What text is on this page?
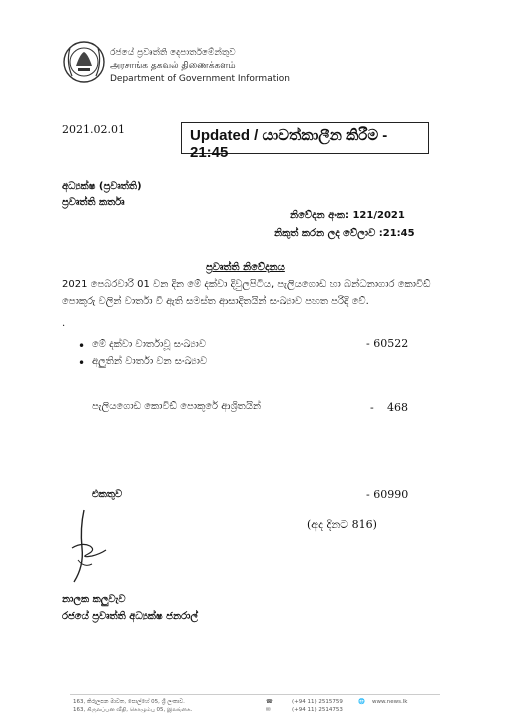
රජයේ ප්‍රවෘත්ති දෙපාර්තමේන්තුව
அரசாங்க தகவல் திணைக்களம்
Department of Government Information
2021.02.01	Updated / යාවත්කාලීන කිරීම - 21:45
අධ්‍යක්ෂ (ප්‍රවෘත්ති)
ප්‍රවෘත්ති කර්තෘ
නිවේදන අංක: 121/2021
නිකුත් කරන ලද වේලාව :21:45
ප්‍රවෘත්ති නිවේදනය
2021 පෙබරවාරි 01 වන දින මේ දක්වා දිවුලපිටිය, පැලියගොඩ හා බන්ධනාගාර කොවිඩ්
පොකුරු වලින් වාර්තා වී ඇති සමස්ත ආසාදිතයින් සංඛ්‍යාව පහත පරිදි වේ.
.
• මේ දක්වා වාර්තාවූ සංඛ්‍යාව	- 60522
• අලුතින් වාර්තා වන සංඛ්‍යාව
පැලියගොඩ කොවිඩ් පොකුරේ ආශ්‍රිතයින්	- 468
එකතුව	- 60990
(අද දිනට 816)
නාලක කලුවැව
රජයේ ප්‍රවෘත්ති අධ්‍යක්ෂ ජනරාල්
163, කිරුලපන මාවත, පොල්හේ 05, ශ්‍රී ලංකාව.
163, கிருலப்பன வீதி, கொழும்பு 05, இலங்கை.
☎	(+94 11) 2515759
✉	(+94 11) 2514753
🌐 www.news.lk
